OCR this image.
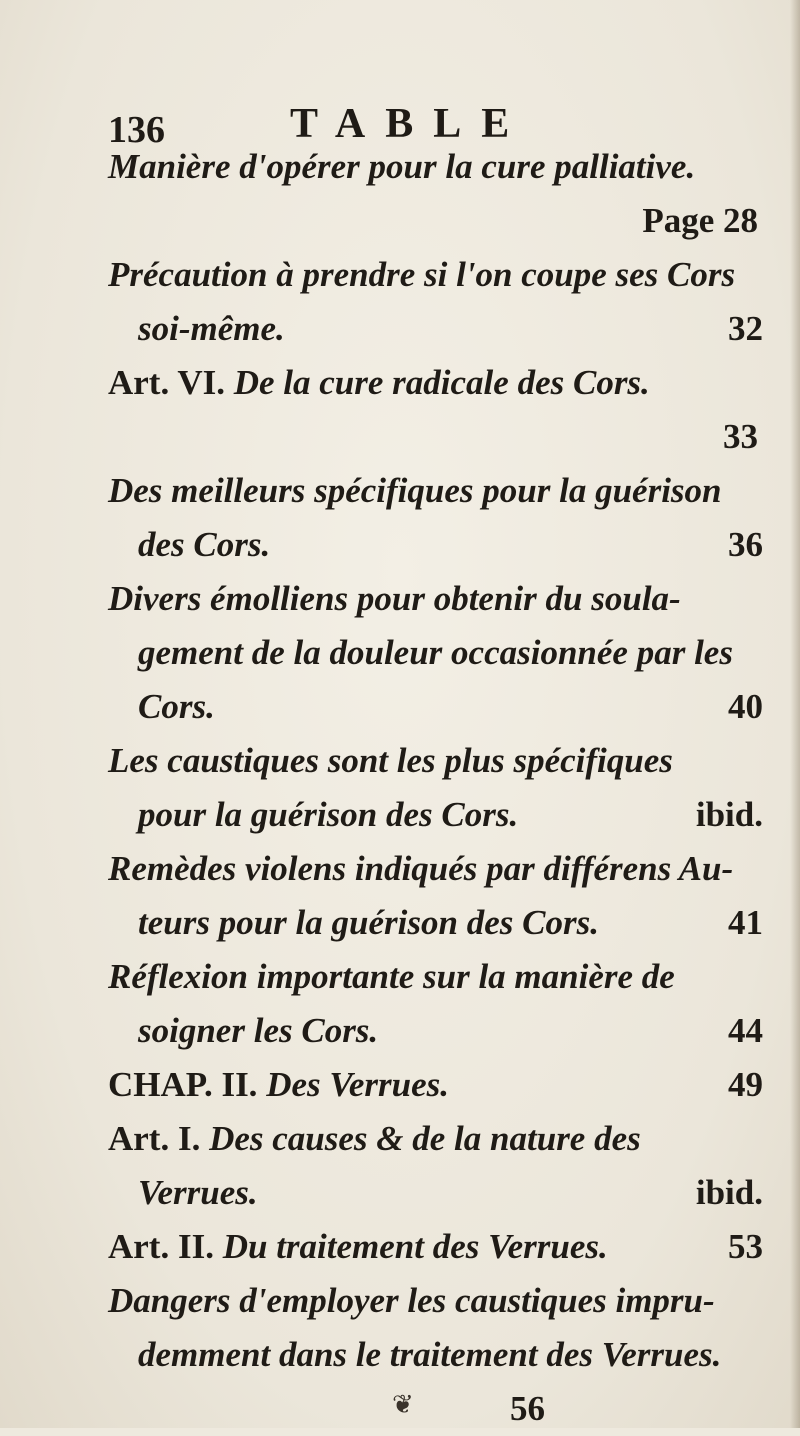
136	TABLE
Manière d'opérer pour la cure palliative.
Page 28
Précaution à prendre si l'on coupe ses Cors
soi-même.	32
Art. VI. De la cure radicale des Cors.
33
Des meilleurs spécifiques pour la guérison
des Cors.	36
Divers émolliens pour obtenir du soula-
gement de la douleur occasionnée par les
Cors.	40
Les caustiques sont les plus spécifiques
pour la guérison des Cors.	ibid.
Remèdes violens indiqués par différens Au-
teurs pour la guérison des Cors.	41
Réflexion importante sur la manière de
soigner les Cors.	44
CHAP. II. Des Verrues.	49
Art. I. Des causes & de la nature des
Verrues.	ibid.
Art. II. Du traitement des Verrues.	53
Dangers d'employer les caustiques impru-
demment dans le traitement des Verrues.
56
❦
